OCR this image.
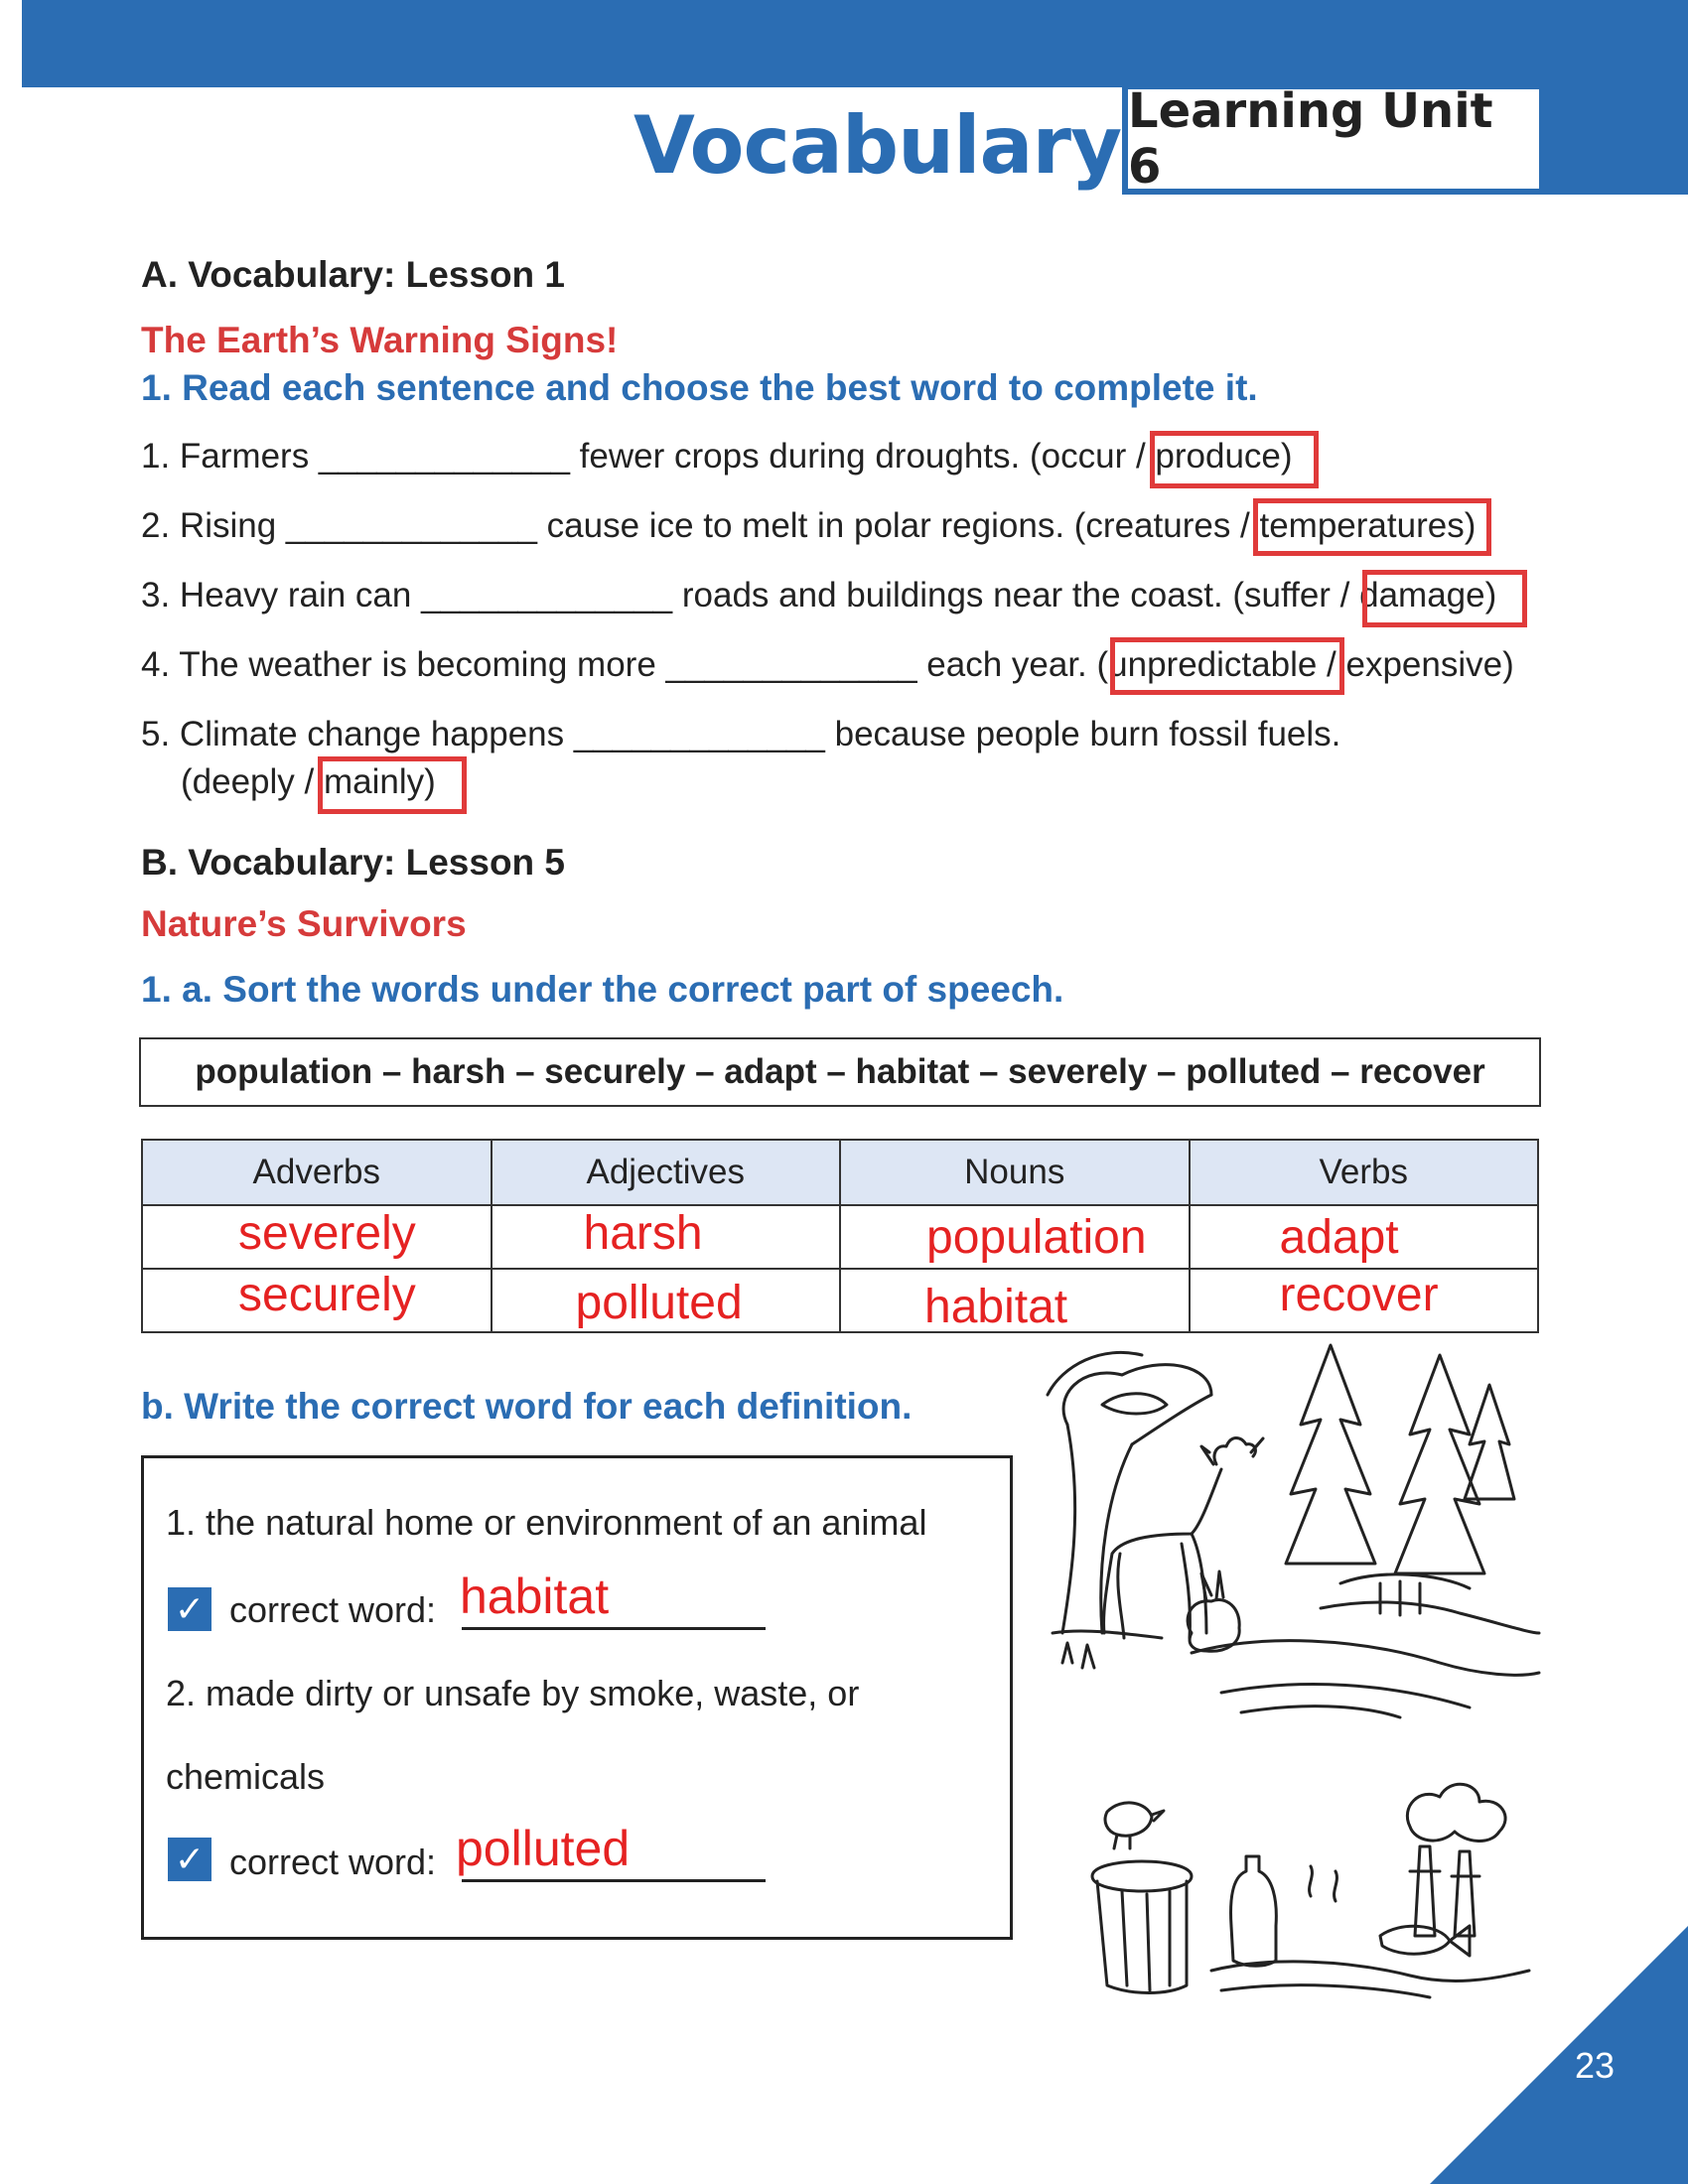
Learning Unit 6
Vocabulary
A. Vocabulary: Lesson 1
The Earth’s Warning Signs!
1. Read each sentence and choose the best word to complete it.
1. Farmers _____________ fewer crops during droughts. (occur / produce)
2. Rising _____________ cause ice to melt in polar regions. (creatures / temperatures)
3. Heavy rain can _____________ roads and buildings near the coast. (suffer / damage)
4. The weather is becoming more _____________ each year. (unpredictable / expensive)
5. Climate change happens _____________ because people burn fossil fuels.
(deeply / mainly)
B. Vocabulary: Lesson 5
Nature’s Survivors
1. a. Sort the words under the correct part of speech.
population – harsh – securely – adapt – habitat – severely – polluted – recover
Adverbs	Adjectives	Nouns	Verbs

severely	harsh	population	adapt

securely	polluted	habitat	recover
b. Write the correct word for each definition.
1. the natural home or environment of an animal
✓ correct word: habitat
2. made dirty or unsafe by smoke, waste, or
chemicals
✓ correct word: polluted
23
